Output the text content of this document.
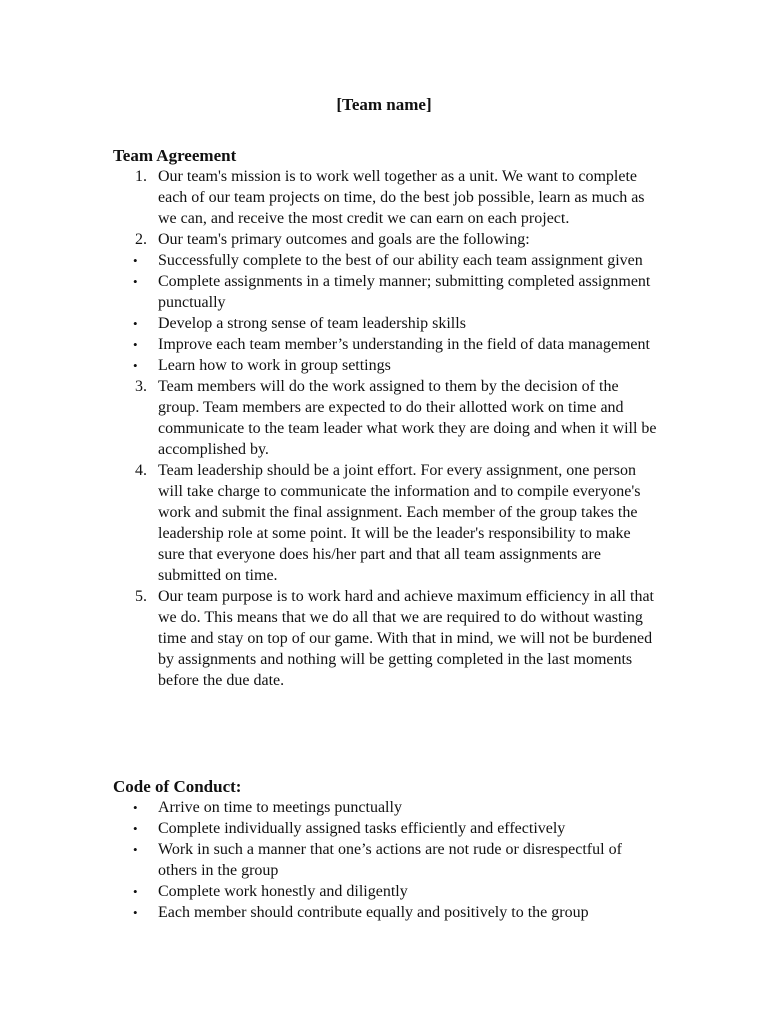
[Team name]
Team Agreement
1. Our team's mission is to work well together as a unit. We want to complete each of our team projects on time, do the best job possible, learn as much as we can, and receive the most credit we can earn on each project.
2. Our team's primary outcomes and goals are the following:
• Successfully complete to the best of our ability each team assignment given
• Complete assignments in a timely manner; submitting completed assignment punctually
• Develop a strong sense of team leadership skills
• Improve each team member’s understanding in the field of data management
• Learn how to work in group settings
3. Team members will do the work assigned to them by the decision of the group. Team members are expected to do their allotted work on time and communicate to the team leader what work they are doing and when it will be accomplished by.
4. Team leadership should be a joint effort. For every assignment, one person will take charge to communicate the information and to compile everyone's work and submit the final assignment. Each member of the group takes the leadership role at some point. It will be the leader's responsibility to make sure that everyone does his/her part and that all team assignments are submitted on time.
5. Our team purpose is to work hard and achieve maximum efficiency in all that we do. This means that we do all that we are required to do without wasting time and stay on top of our game. With that in mind, we will not be burdened by assignments and nothing will be getting completed in the last moments before the due date.
Code of Conduct:
• Arrive on time to meetings punctually
• Complete individually assigned tasks efficiently and effectively
• Work in such a manner that one’s actions are not rude or disrespectful of others in the group
• Complete work honestly and diligently
• Each member should contribute equally and positively to the group
